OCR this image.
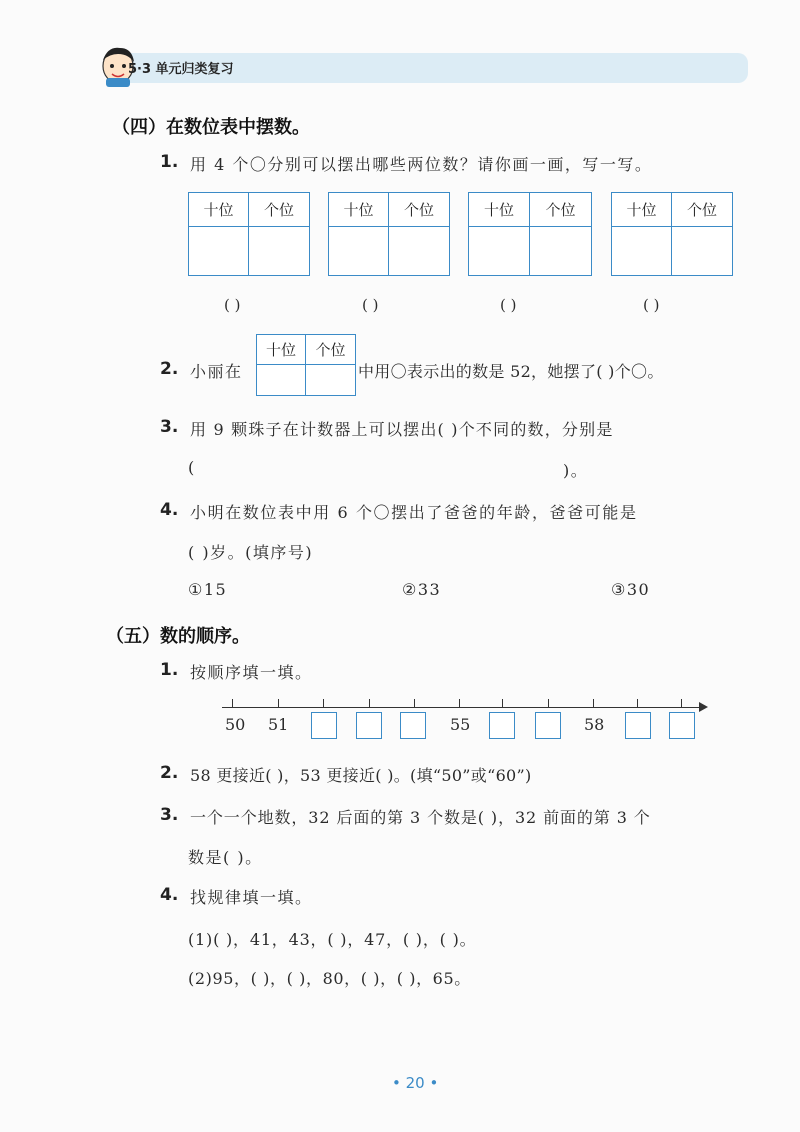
5·3 单元归类复习
（四）在数位表中摆数。
1. 用 4 个〇分别可以摆出哪些两位数？请你画一画，写一写。
十位	个位	十位	个位	十位	个位	十位	个位
( )	( )	( )	( )
2. 小丽在
十位	个位
中用〇表示出的数是 52，她摆了( )个〇。
3. 用 9 颗珠子在计数器上可以摆出( )个不同的数，分别是
(	)。
4. 小明在数位表中用 6 个〇摆出了爸爸的年龄，爸爸可能是
( )岁。(填序号)
①15	②33	③30
（五）数的顺序。
1. 按顺序填一填。
50 51	55	58
2. 58 更接近( )，53 更接近( )。(填“50”或“60”)
3. 一个一个地数，32 后面的第 3 个数是( )，32 前面的第 3 个
数是( )。
4. 找规律填一填。
(1)( )，41，43，( )，47，( )，( )。
(2)95，( )，( )，80，( )，( )，65。
• 20 •
